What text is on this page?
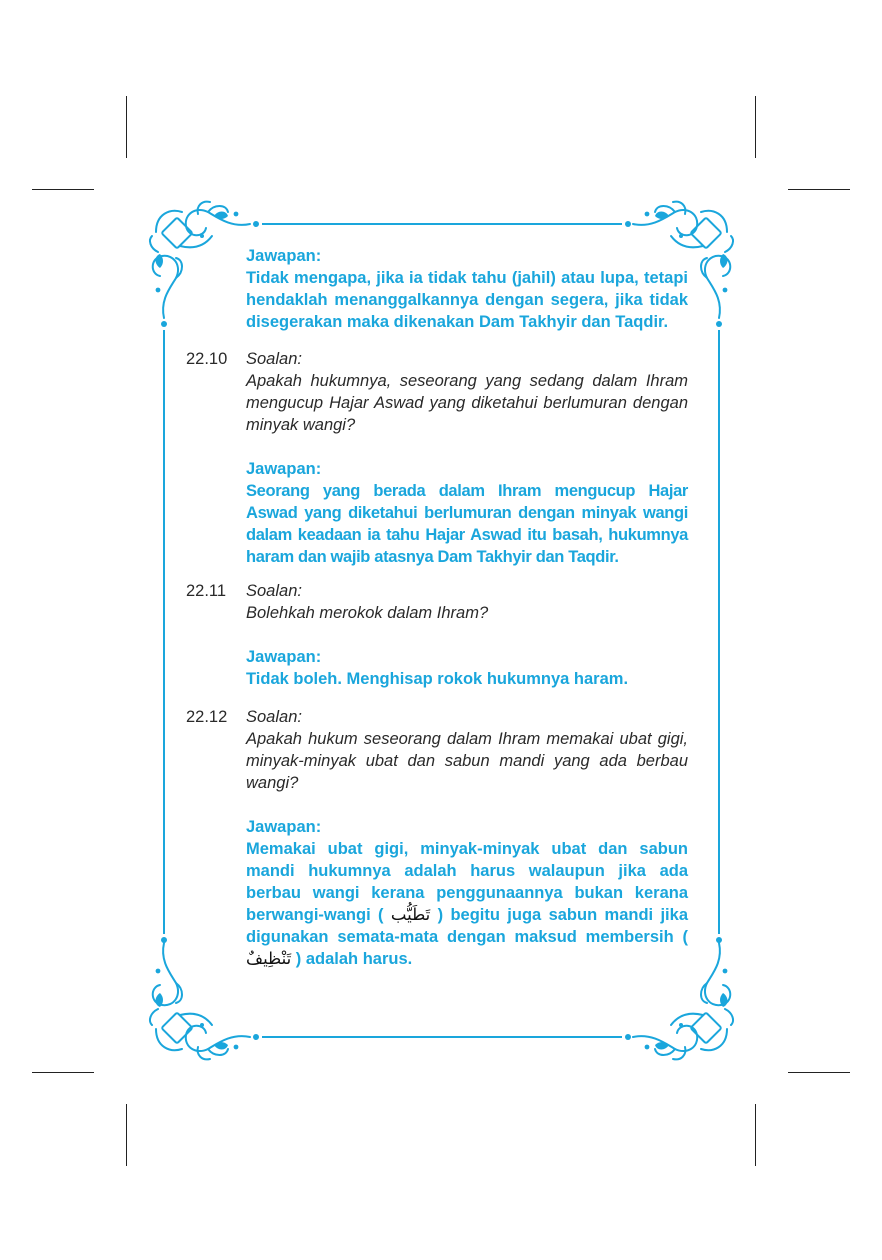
Jawapan:
Tidak mengapa, jika ia tidak tahu (jahil) atau lupa, tetapi hendaklah menanggalkannya dengan segera, jika tidak disegerakan maka dikenakan Dam Takhyir dan Taqdir.
22.10	Soalan:
Apakah hukumnya, seseorang yang sedang dalam Ihram mengucup Hajar Aswad yang diketahui berlumuran dengan minyak wangi?
Jawapan:
Seorang yang berada dalam Ihram mengucup Hajar Aswad yang diketahui berlumuran dengan minyak wangi dalam keadaan ia tahu Hajar Aswad itu basah, hukumnya haram dan wajib atasnya Dam Takhyir dan Taqdir.
22.11	Soalan:
Bolehkah merokok dalam Ihram?
Jawapan:
Tidak boleh. Menghisap rokok hukumnya haram.
22.12	Soalan:
Apakah hukum seseorang dalam Ihram memakai ubat gigi, minyak-minyak ubat dan sabun mandi yang ada berbau wangi?
Jawapan:
Memakai ubat gigi, minyak-minyak ubat dan sabun mandi hukumnya adalah harus walaupun jika ada berbau wangi kerana penggunaannya bukan kerana berwangi-wangi ( تَطَيُّب ) begitu juga sabun mandi jika digunakan semata-mata dengan maksud membersih ( تَنْظِيفٌ ) adalah harus.
